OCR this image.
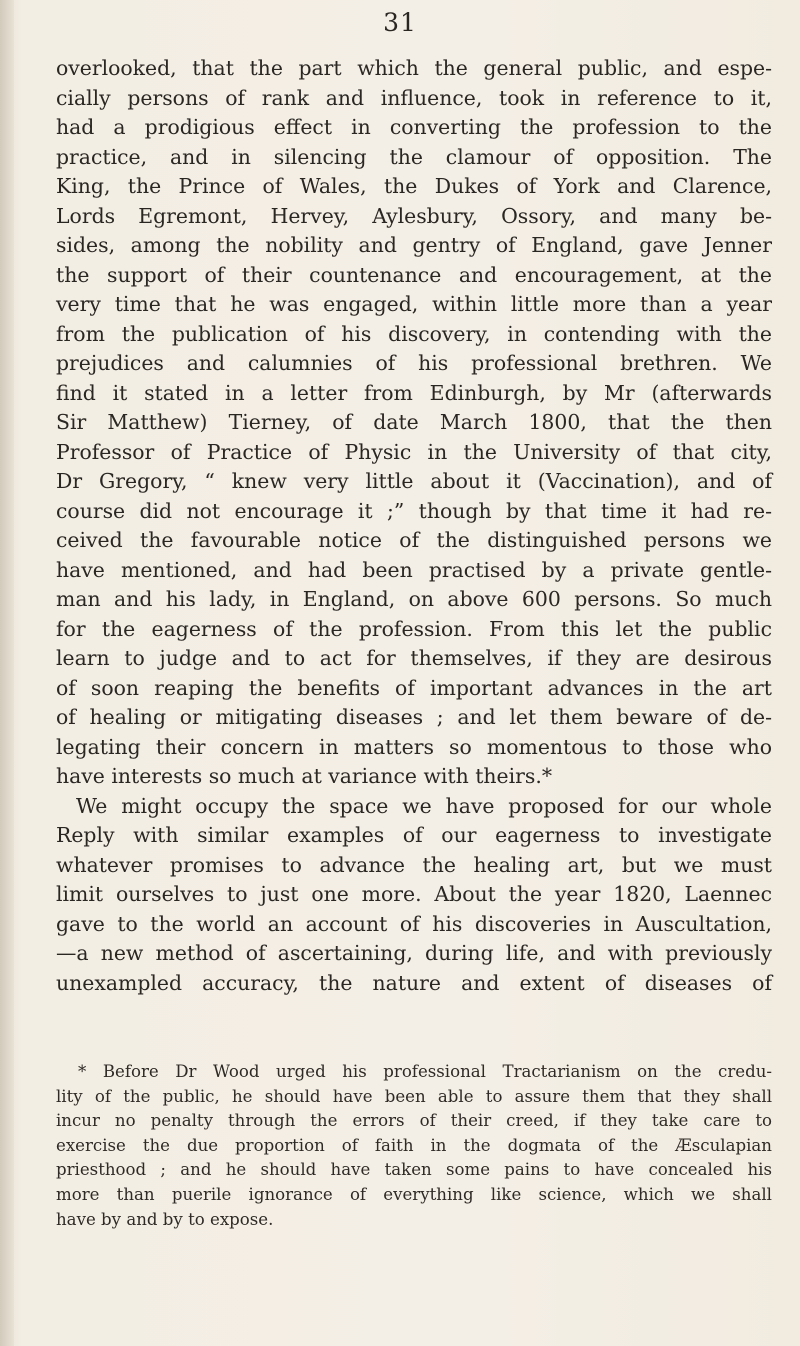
31
overlooked, that the part which the general public, and espe-
cially persons of rank and influence, took in reference to it,
had a prodigious effect in converting the profession to the
practice, and in silencing the clamour of opposition. The
King, the Prince of Wales, the Dukes of York and Clarence,
Lords Egremont, Hervey, Aylesbury, Ossory, and many be-
sides, among the nobility and gentry of England, gave Jenner
the support of their countenance and encouragement, at the
very time that he was engaged, within little more than a year
from the publication of his discovery, in contending with the
prejudices and calumnies of his professional brethren. We
find it stated in a letter from Edinburgh, by Mr (afterwards
Sir Matthew) Tierney, of date March 1800, that the then
Professor of Practice of Physic in the University of that city,
Dr Gregory, “ knew very little about it (Vaccination), and of
course did not encourage it ;” though by that time it had re-
ceived the favourable notice of the distinguished persons we
have mentioned, and had been practised by a private gentle-
man and his lady, in England, on above 600 persons. So much
for the eagerness of the profession. From this let the public
learn to judge and to act for themselves, if they are desirous
of soon reaping the benefits of important advances in the art
of healing or mitigating diseases ; and let them beware of de-
legating their concern in matters so momentous to those who
have interests so much at variance with theirs.*
We might occupy the space we have proposed for our whole
Reply with similar examples of our eagerness to investigate
whatever promises to advance the healing art, but we must
limit ourselves to just one more. About the year 1820, Laennec
gave to the world an account of his discoveries in Auscultation,
—a new method of ascertaining, during life, and with previously
unexampled accuracy, the nature and extent of diseases of
* Before Dr Wood urged his professional Tractarianism on the credu-
lity of the public, he should have been able to assure them that they shall
incur no penalty through the errors of their creed, if they take care to
exercise the due proportion of faith in the dogmata of the Æsculapian
priesthood ; and he should have taken some pains to have concealed his
more than puerile ignorance of everything like science, which we shall
have by and by to expose.
